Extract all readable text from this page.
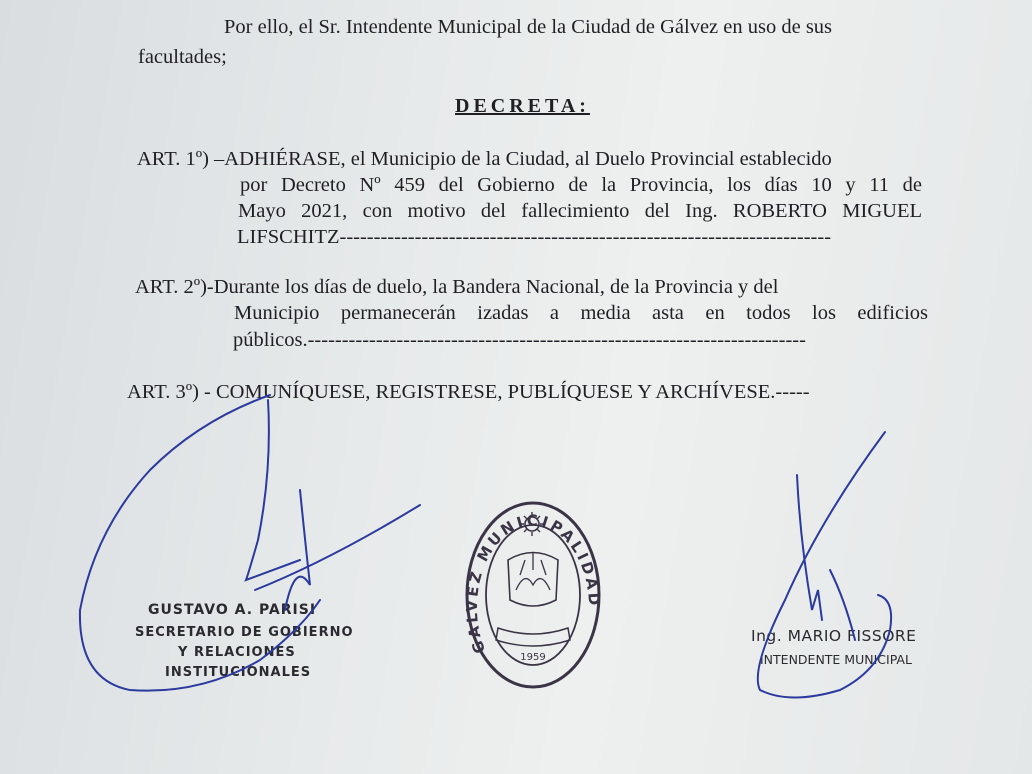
Por ello, el Sr. Intendente Municipal de la Ciudad de Gálvez en uso de sus
facultades;
DECRETA:
ART. 1º) –ADHIÉRASE, el Municipio de la Ciudad, al Duelo Provincial establecido
por Decreto Nº 459 del Gobierno de la Provincia, los días 10 y 11 de
Mayo 2021, con motivo del fallecimiento del Ing. ROBERTO MIGUEL
LIFSCHITZ------------------------------------------------------------------------
ART. 2º)-Durante los días de duelo, la Bandera Nacional, de la Provincia y del
Municipio permanecerán izadas a media asta en todos los edificios
públicos.-------------------------------------------------------------------------
ART. 3º) - COMUNÍQUESE, REGISTRESE, PUBLÍQUESE Y ARCHÍVESE.-----
GUSTAVO A. PARISI
SECRETARIO DE GOBIERNO
Y RELACIONES
INSTITUCIONALES
Ing. MARIO FISSORE
INTENDENTE MUNICIPAL
GALVEZ MUNICIPALIDAD
1959
